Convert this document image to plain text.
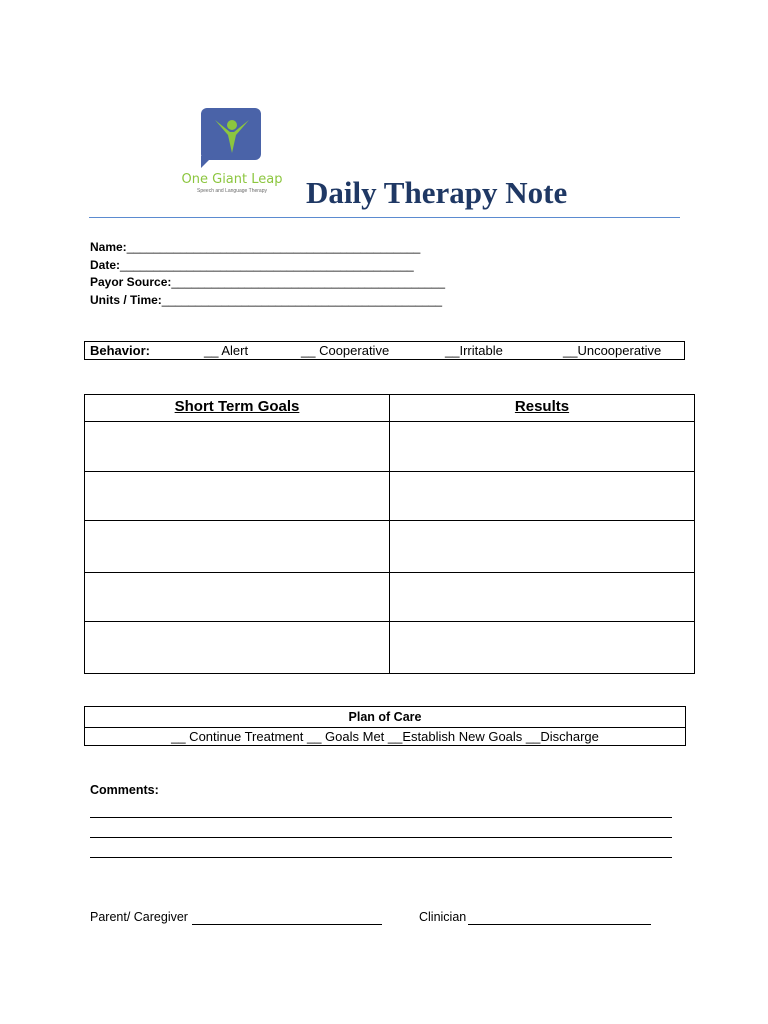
One Giant Leap
Speech and Language Therapy	Daily Therapy Note
Name:____________________________________________
Date:____________________________________________
Payor Source:_________________________________________
Units / Time:__________________________________________
Behavior:	__ Alert	__ Cooperative	__Irritable	__Uncooperative
Short Term Goals	Results
Plan of Care
__ Continue Treatment __ Goals Met __Establish New Goals __Discharge
Comments:
Parent/ Caregiver	Clinician
